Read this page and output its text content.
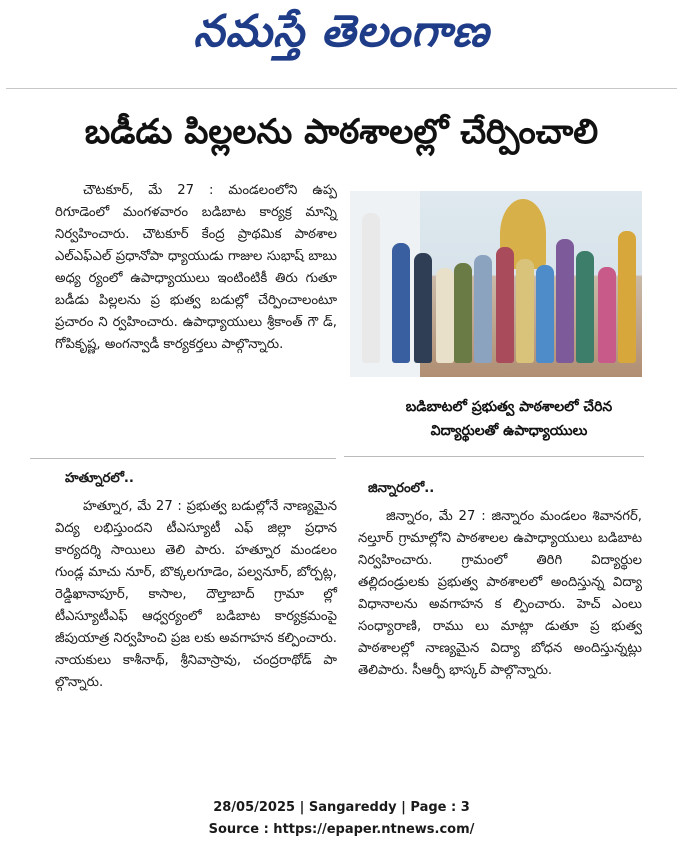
నమస్తే తెలంగాణ
బడీడు పిల్లలను పాఠశాలల్లో చేర్పించాలి

చౌటకూర్, మే 27 : మండలంలోని ఉప్ప రిగూడెంలో మంగళవారం బడిబాట కార్యక్ర మాన్ని నిర్వహించారు. చౌటకూర్ కేంద్ర ప్రాథమిక పాఠశాల ఎల్ఎఫ్ఎల్ ప్రధానోపా ధ్యాయుడు గాజుల సుభాష్ బాబు అధ్య ర్యంలో ఉపాధ్యాయులు ఇంటింటికీ తిరు గుతూ బడీడు పిల్లలను ప్ర భుత్వ బడుల్లో చేర్పించాలంటూ ప్రచారం ని ర్వహించారు. ఉపాధ్యాయులు శ్రీకాంత్ గౌ డ్, గోపికృష్ణ, అంగన్వాడీ కార్యకర్తలు పాల్గొన్నారు.

హత్నూరలో..

హత్నూర, మే 27 : ప్రభుత్వ బడుల్లోనే నాణ్యమైన విద్య లభిస్తుందని టీఎస్యూటీ ఎఫ్ జిల్లా ప్రధాన కార్యదర్శి సాయిలు తెలి పారు. హత్నూర మండలం గుండ్ల మాచు నూర్, బొక్కలగూడెం, పల్వనూర్, బోర్పట్ల, రెడ్డిఖానాపూర్, కాసాల, దౌల్తాబాద్ గ్రామా ల్లో టీఎస్యూటీఎఫ్ ఆధ్వర్యంలో బడిబాట కార్యక్రమంపై జీపుయాత్ర నిర్వహించి ప్రజ లకు అవగాహన కల్పించారు. నాయకులు కాశీనాథ్, శ్రీనివాస్రావు, చంద్రరాథోడ్ పా ల్గొన్నారు.

బడిబాటలో ప్రభుత్వ పాఠశాలలో చేరిన విద్యార్థులతో ఉపాధ్యాయులు

జిన్నారంలో..

జిన్నారం, మే 27 : జిన్నారం మండలం శివానగర్, నల్తూర్ గ్రామాల్లోని పాఠశాలల ఉపాధ్యాయులు బడిబాట నిర్వహించారు. గ్రామంలో తిరిగి విద్యార్థుల తల్లిదండ్రులకు ప్రభుత్వ పాఠశాలలో అందిస్తున్న విద్యా విధానాలను అవగాహన క ల్పించారు. హెచ్ ఎంలు సంధ్యారాణి, రాము లు మాట్లా డుతూ ప్ర భుత్వ పాఠశాలల్లో నాణ్యమైన విద్యా బోధన అందిస్తున్నట్లు తెలిపారు. సీఆర్పీ భాస్కర్ పాల్గొన్నారు.

28/05/2025 | Sangareddy | Page : 3
Source : https://epaper.ntnews.com/
